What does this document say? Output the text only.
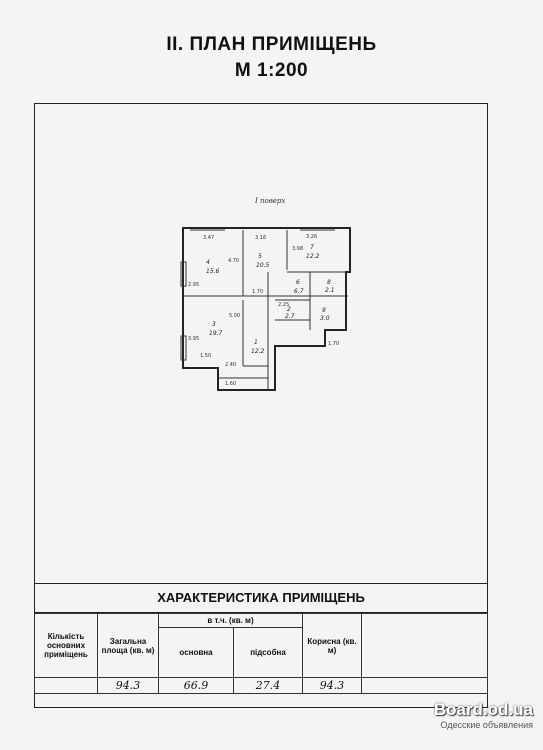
ІІ. ПЛАН ПРИМІЩЕНЬ
М 1:200
I поверх
4
15.6
5
10.5
7
12.2
6
6.7
8
2.1
3
19.7
1
12.2
2
2.7
9
3.0
3.47	3.16	3.26
4.70
3.98
2.95
5.00
3.95
1.50
2.40
1.60
1.70
2.25
1.70
ХАРАКТЕРИСТИКА ПРИМІЩЕНЬ
Кількість основних приміщень	Загальна площа (кв. м)	в т.ч. (кв. м)		Корисна (кв. м)	
		основна	підсобна		
	94.3	66.9	27.4	94.3	
Board.od.ua
Одесские объявления
